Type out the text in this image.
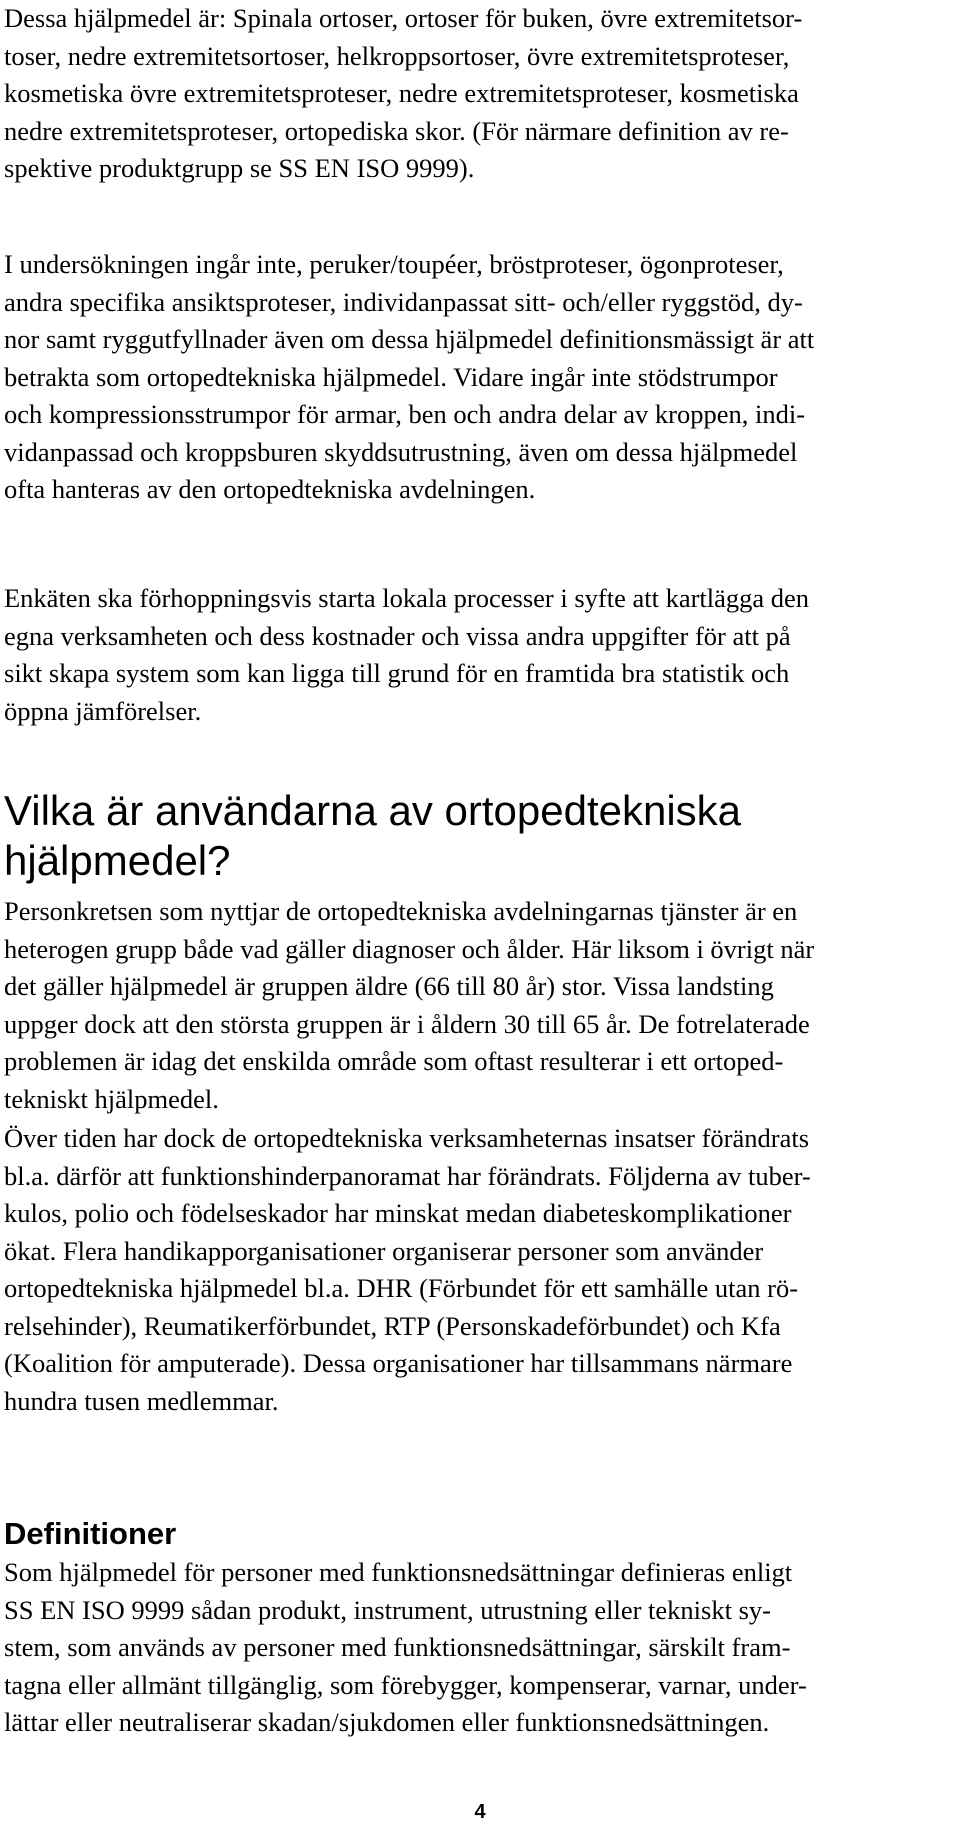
Dessa hjälpmedel är: Spinala ortoser, ortoser för buken, övre extremitetsor-
toser, nedre extremitetsortoser, helkroppsortoser, övre extremitetsproteser,
kosmetiska övre extremitetsproteser, nedre extremitetsproteser, kosmetiska
nedre extremitetsproteser, ortopediska skor. (För närmare definition av re-
spektive produktgrupp se SS EN ISO 9999).

I undersökningen ingår inte, peruker/toupéer, bröstproteser, ögonproteser,
andra specifika ansiktsproteser, individanpassat sitt- och/eller ryggstöd, dy-
nor samt ryggutfyllnader även om dessa hjälpmedel definitionsmässigt är att
betrakta som ortopedtekniska hjälpmedel. Vidare ingår inte stödstrumpor
och kompressionsstrumpor för armar, ben och andra delar av kroppen, indi-
vidanpassad och kroppsburen skyddsutrustning, även om dessa hjälpmedel
ofta hanteras av den ortopedtekniska avdelningen.

Enkäten ska förhoppningsvis starta lokala processer i syfte att kartlägga den
egna verksamheten och dess kostnader och vissa andra uppgifter för att på
sikt skapa system som kan ligga till grund för en framtida bra statistik och
öppna jämförelser.

Vilka är användarna av ortopedtekniska
hjälpmedel?

Personkretsen som nyttjar de ortopedtekniska avdelningarnas tjänster är en
heterogen grupp både vad gäller diagnoser och ålder. Här liksom i övrigt när
det gäller hjälpmedel är gruppen äldre (66 till 80 år) stor. Vissa landsting
uppger dock att den största gruppen är i åldern 30 till 65 år. De fotrelaterade
problemen är idag det enskilda område som oftast resulterar i ett ortoped-
tekniskt hjälpmedel.

Över tiden har dock de ortopedtekniska verksamheternas insatser förändrats
bl.a. därför att funktionshinderpanoramat har förändrats. Följderna av tuber-
kulos, polio och födelseskador har minskat medan diabeteskomplikationer
ökat. Flera handikapporganisationer organiserar personer som använder
ortopedtekniska hjälpmedel bl.a. DHR (Förbundet för ett samhälle utan rö-
relsehinder), Reumatikerförbundet, RTP (Personskadeförbundet) och Kfa
(Koalition för amputerade). Dessa organisationer har tillsammans närmare
hundra tusen medlemmar.

Definitioner

Som hjälpmedel för personer med funktionsnedsättningar definieras enligt
SS EN ISO 9999 sådan produkt, instrument, utrustning eller tekniskt sy-
stem, som används av personer med funktionsnedsättningar, särskilt fram-
tagna eller allmänt tillgänglig, som förebygger, kompenserar, varnar, under-
lättar eller neutraliserar skadan/sjukdomen eller funktionsnedsättningen.

4
